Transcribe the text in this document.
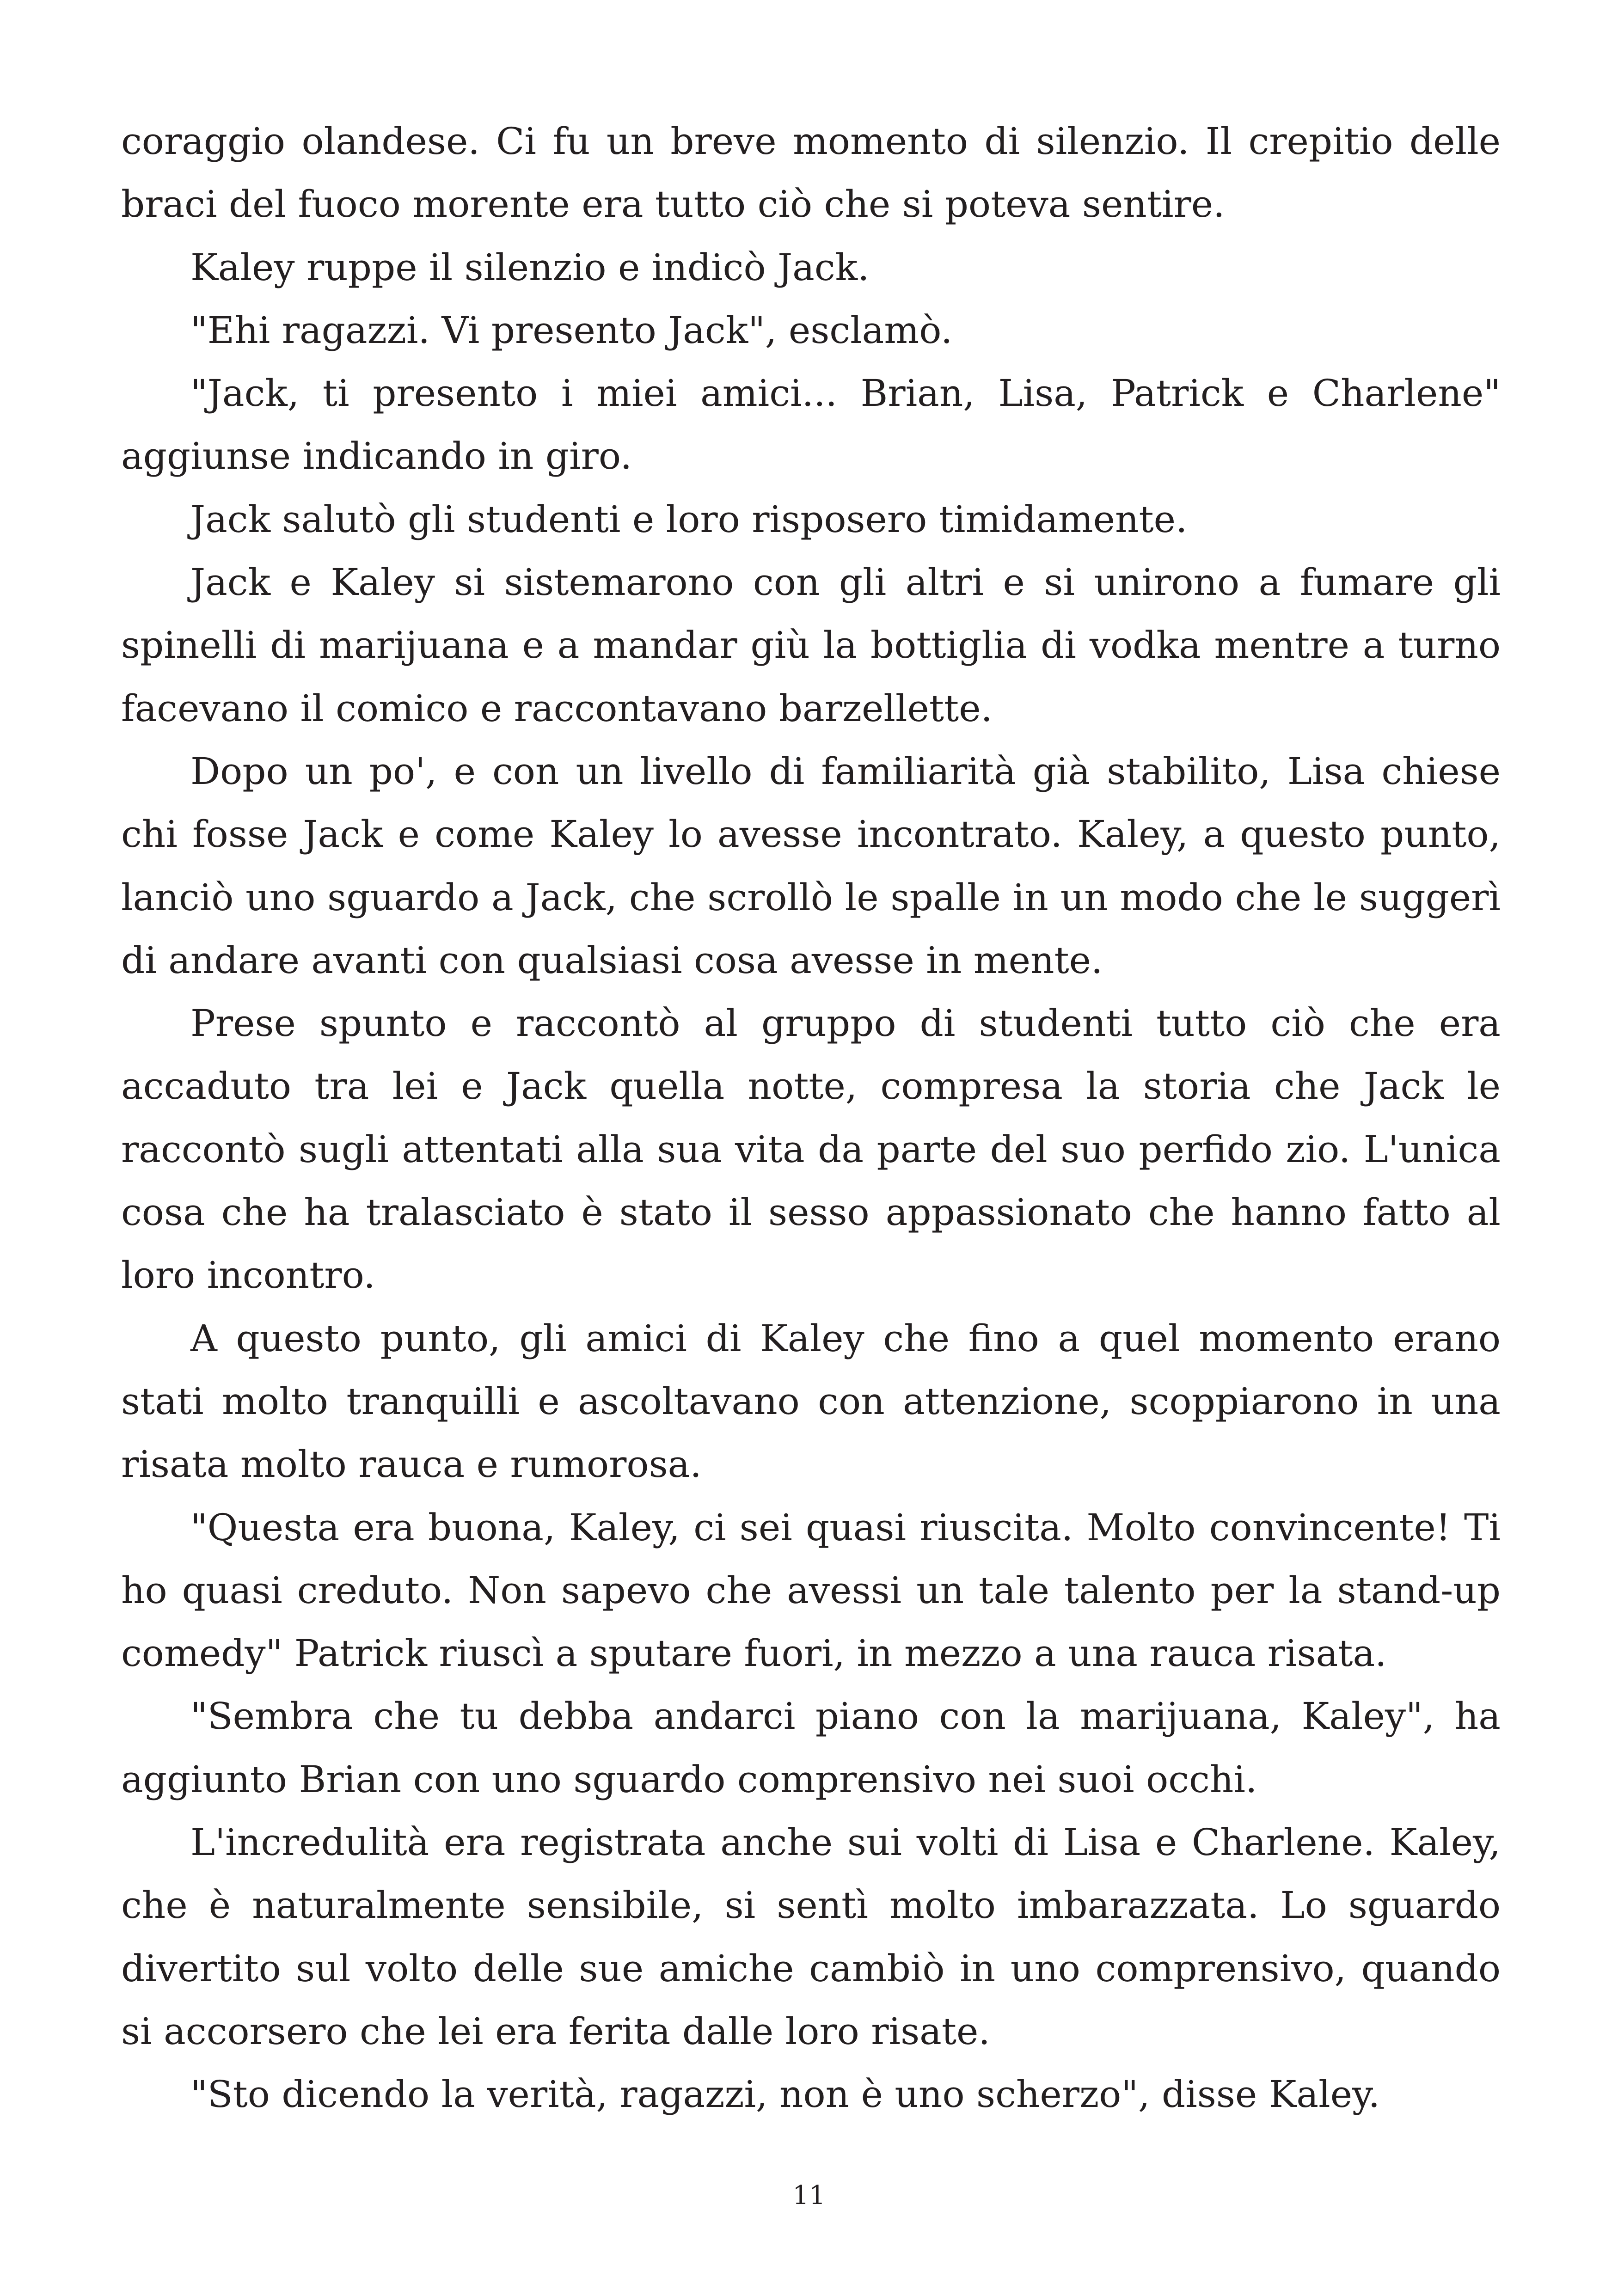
coraggio olandese. Ci fu un breve momento di silenzio. Il crepitio delle braci del fuoco morente era tutto ciò che si poteva sentire.

Kaley ruppe il silenzio e indicò Jack.

"Ehi ragazzi. Vi presento Jack", esclamò.

"Jack, ti presento i miei amici... Brian, Lisa, Patrick e Charlene" aggiunse indicando in giro.

Jack salutò gli studenti e loro risposero timidamente.

Jack e Kaley si sistemarono con gli altri e si unirono a fumare gli spinelli di marijuana e a mandar giù la bottiglia di vodka mentre a turno facevano il comico e raccontavano barzellette.

Dopo un po', e con un livello di familiarità già stabilito, Lisa chiese chi fosse Jack e come Kaley lo avesse incontrato. Kaley, a questo punto, lanciò uno sguardo a Jack, che scrollò le spalle in un modo che le suggerì di andare avanti con qualsiasi cosa avesse in mente.

Prese spunto e raccontò al gruppo di studenti tutto ciò che era accaduto tra lei e Jack quella notte, compresa la storia che Jack le raccontò sugli attentati alla sua vita da parte del suo perfido zio. L'unica cosa che ha tralasciato è stato il sesso appassionato che hanno fatto al loro incontro.

A questo punto, gli amici di Kaley che fino a quel momento erano stati molto tranquilli e ascoltavano con attenzione, scoppiarono in una risata molto rauca e rumorosa.

"Questa era buona, Kaley, ci sei quasi riuscita. Molto convincente! Ti ho quasi creduto. Non sapevo che avessi un tale talento per la stand-up comedy" Patrick riuscì a sputare fuori, in mezzo a una rauca risata.

"Sembra che tu debba andarci piano con la marijuana, Kaley", ha aggiunto Brian con uno sguardo comprensivo nei suoi occhi.

L'incredulità era registrata anche sui volti di Lisa e Charlene. Kaley, che è naturalmente sensibile, si sentì molto imbarazzata. Lo sguardo divertito sul volto delle sue amiche cambiò in uno comprensivo, quando si accorsero che lei era ferita dalle loro risate.

"Sto dicendo la verità, ragazzi, non è uno scherzo", disse Kaley.

11
